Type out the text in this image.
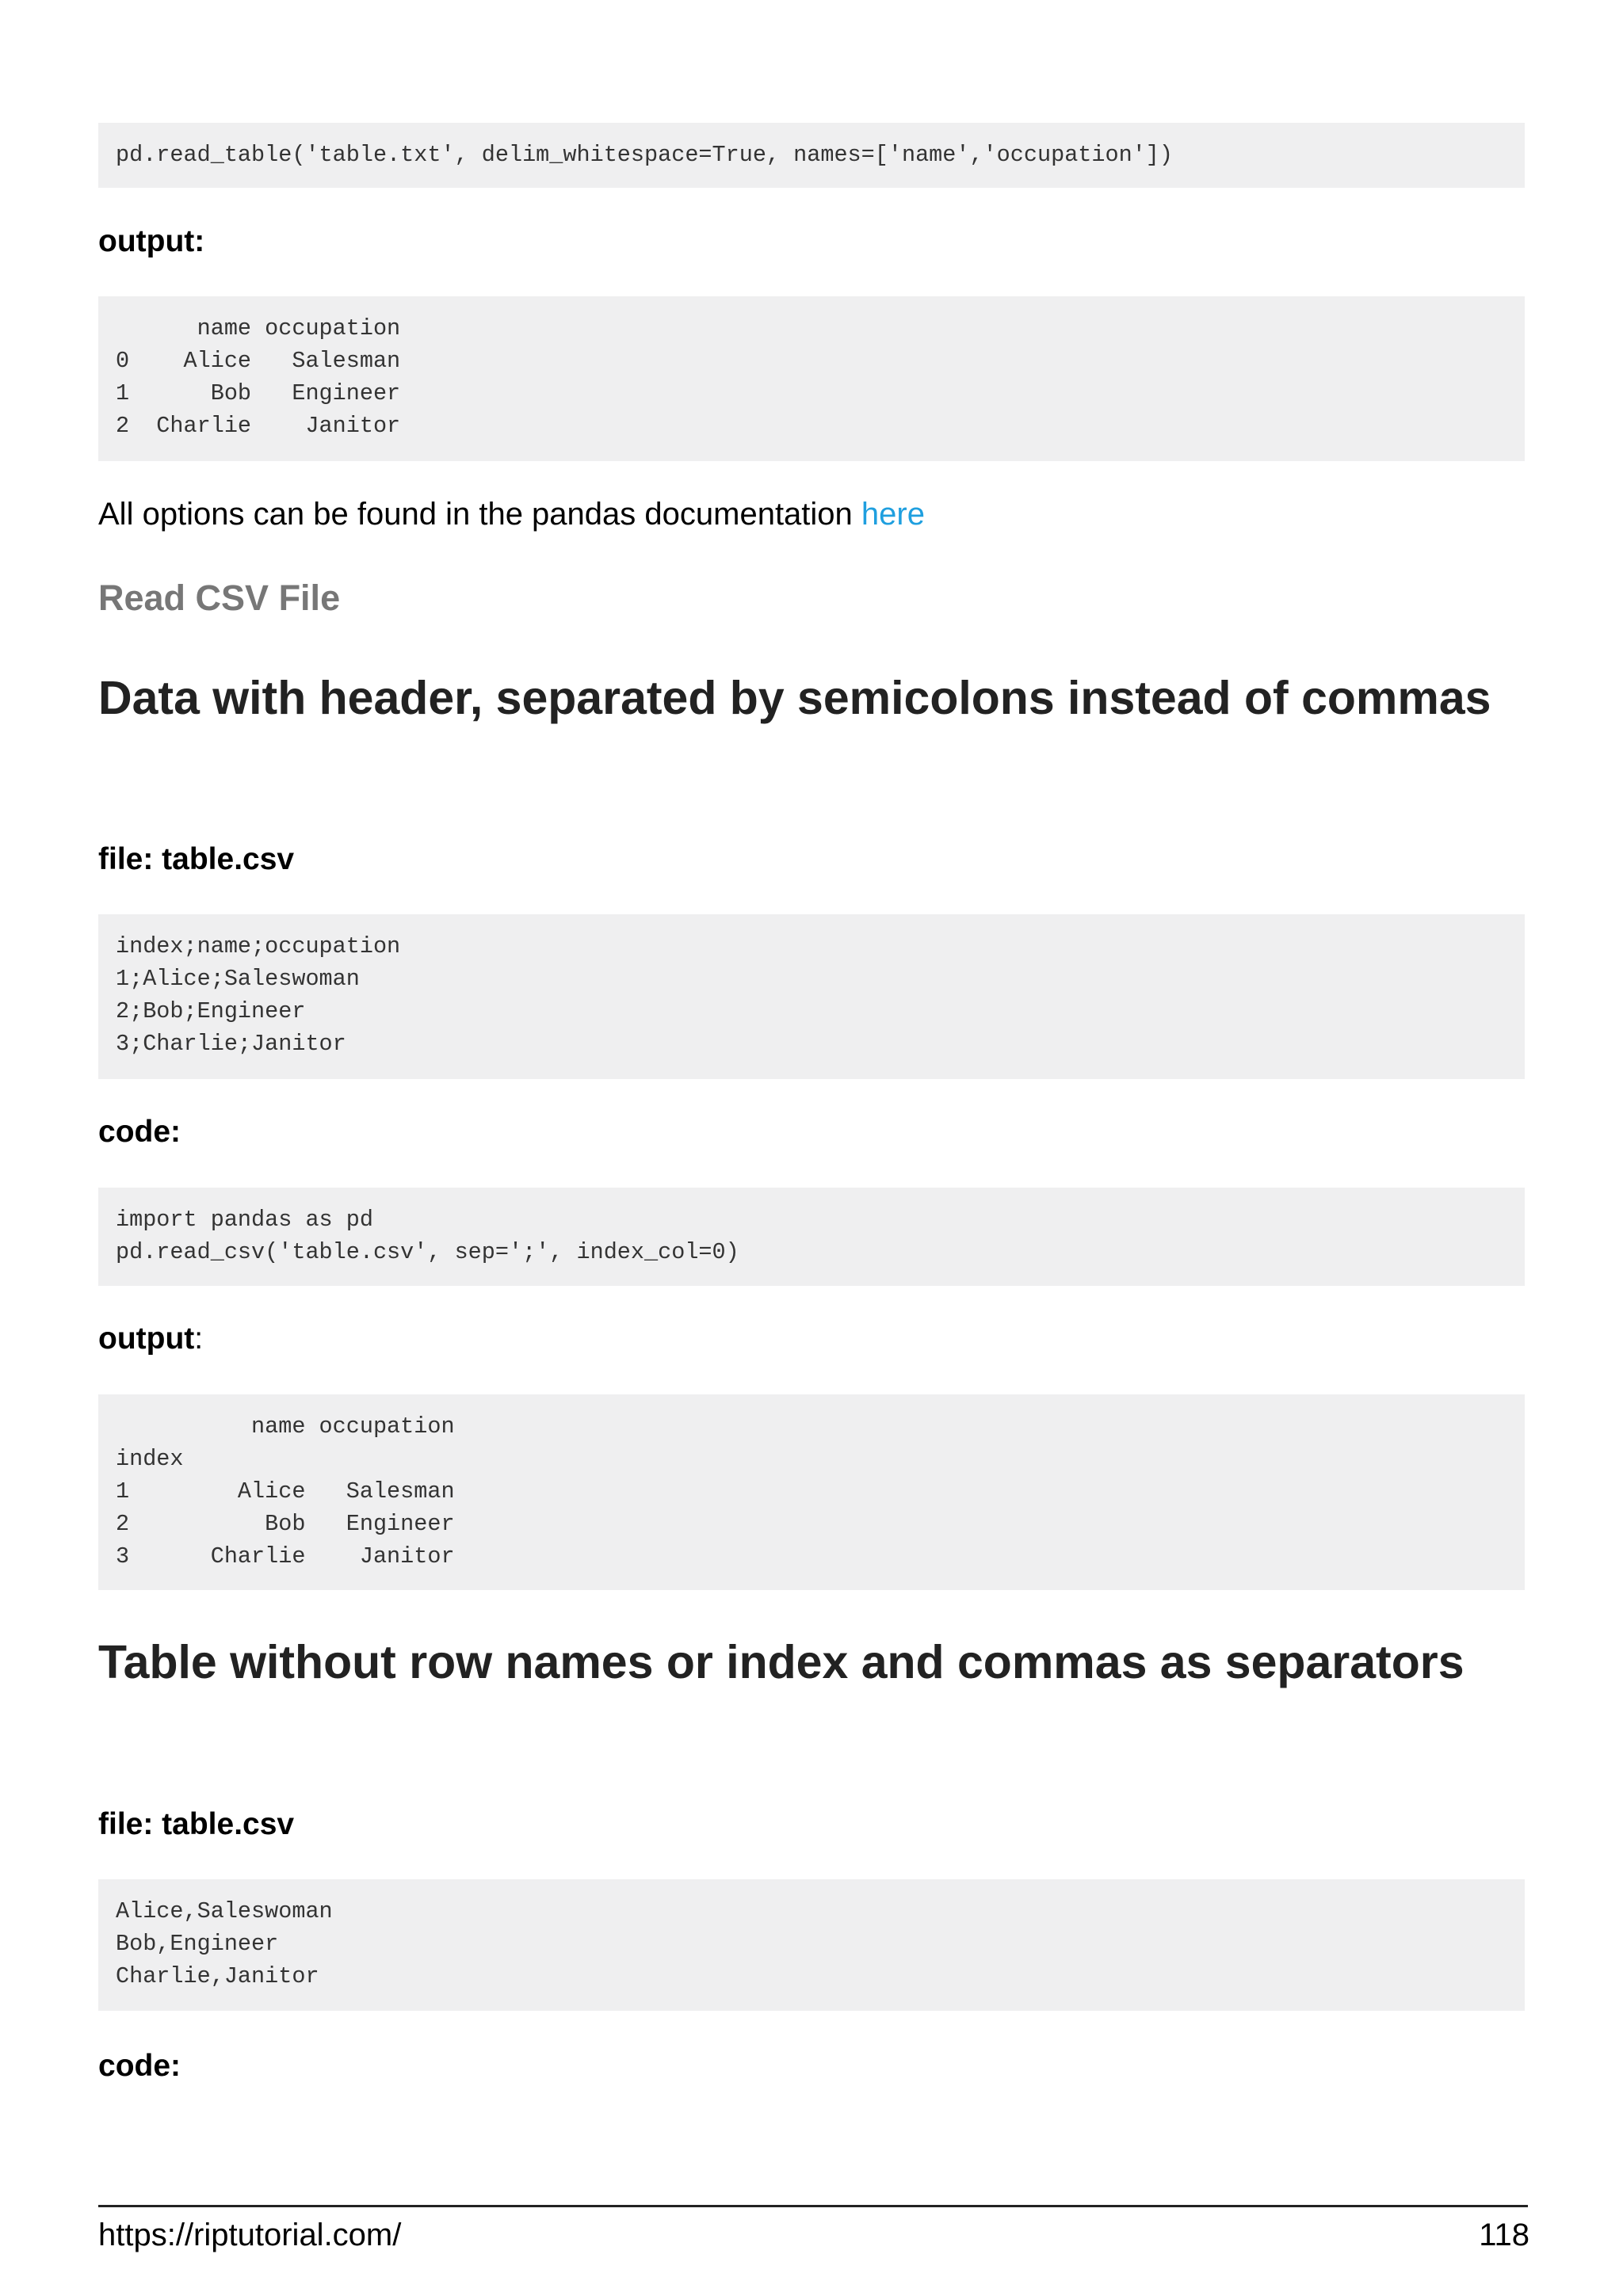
pd.read_table('table.txt', delim_whitespace=True, names=['name','occupation'])

output:

name occupation
0    Alice   Salesman
1      Bob   Engineer
2  Charlie    Janitor

All options can be found in the pandas documentation here

Read CSV File

Data with header, separated by semicolons instead of commas

file: table.csv

index;name;occupation
1;Alice;Saleswoman
2;Bob;Engineer
3;Charlie;Janitor

code:

import pandas as pd
pd.read_csv('table.csv', sep=';', index_col=0)

output:

name occupation
index
1        Alice   Salesman
2          Bob   Engineer
3      Charlie    Janitor
Table without row names or index and commas as separators

file: table.csv

Alice,Saleswoman
Bob,Engineer
Charlie,Janitor

code:

https://riptutorial.com/	118
